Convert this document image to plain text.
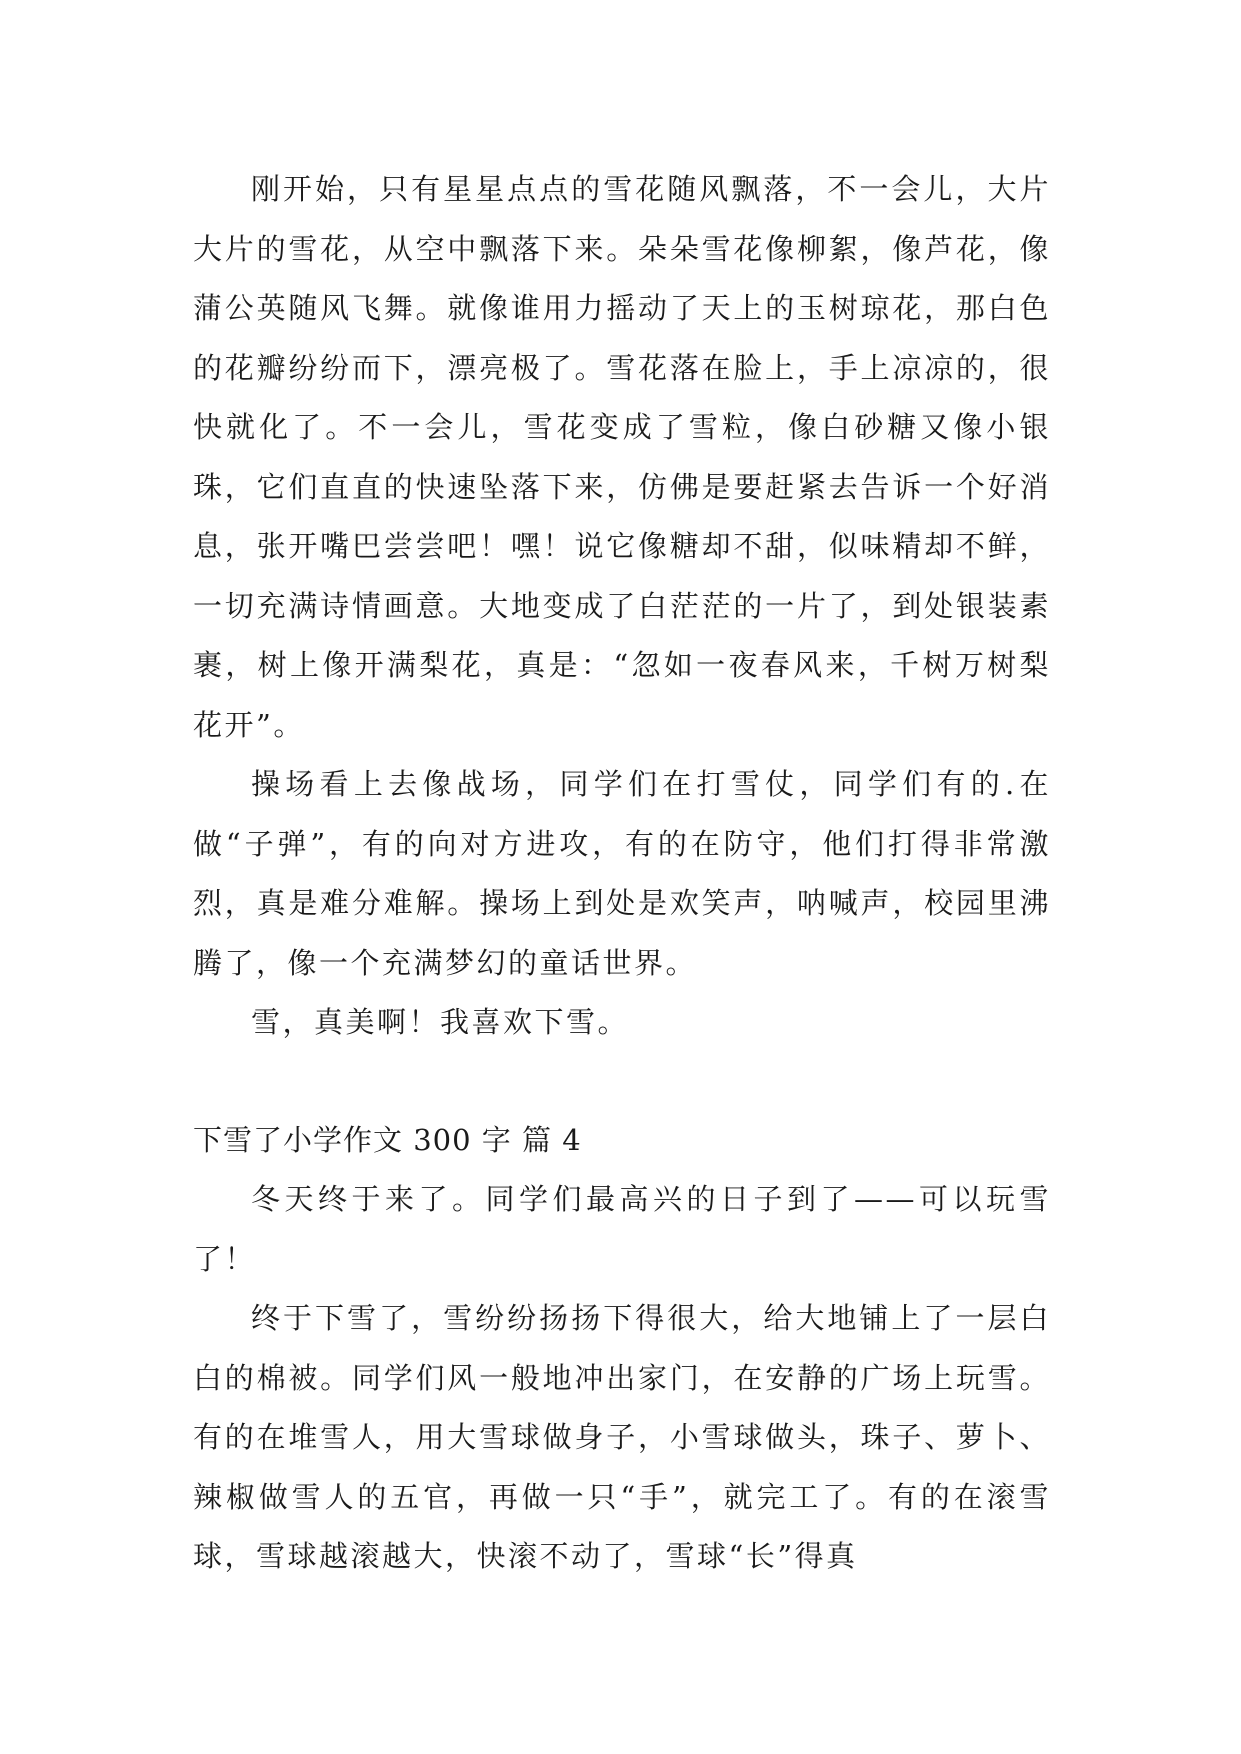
刚开始，只有星星点点的雪花随风飘落，不一会儿，大片大片的雪花，从空中飘落下来。朵朵雪花像柳絮，像芦花，像蒲公英随风飞舞。就像谁用力摇动了天上的玉树琼花，那白色的花瓣纷纷而下，漂亮极了。雪花落在脸上，手上凉凉的，很快就化了。不一会儿，雪花变成了雪粒，像白砂糖又像小银珠，它们直直的快速坠落下来，仿佛是要赶紧去告诉一个好消息，张开嘴巴尝尝吧！嘿！说它像糖却不甜，似味精却不鲜，一切充满诗情画意。大地变成了白茫茫的一片了，到处银装素裹，树上像开满梨花，真是：“忽如一夜春风来，千树万树梨花开”。

操场看上去像战场，同学们在打雪仗，同学们有的.在做“子弹”，有的向对方进攻，有的在防守，他们打得非常激烈，真是难分难解。操场上到处是欢笑声，呐喊声，校园里沸腾了，像一个充满梦幻的童话世界。

雪，真美啊！我喜欢下雪。

下雪了小学作文 300 字 篇 4

冬天终于来了。同学们最高兴的日子到了——可以玩雪了！

终于下雪了，雪纷纷扬扬下得很大，给大地铺上了一层白白的棉被。同学们风一般地冲出家门，在安静的广场上玩雪。有的在堆雪人，用大雪球做身子，小雪球做头，珠子、萝卜、辣椒做雪人的五官，再做一只“手”，就完工了。有的在滚雪球，雪球越滚越大，快滚不动了，雪球“长”得真
